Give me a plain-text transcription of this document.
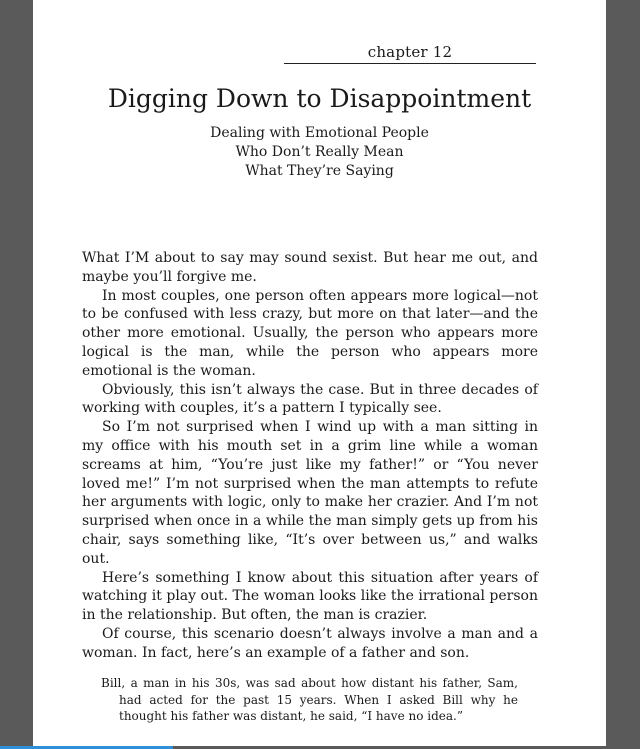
chapter 12
Digging Down to Disappointment
Dealing with Emotional People
Who Don’t Really Mean
What They’re Saying

What I’M about to say may sound sexist. But hear me out, and maybe you’ll forgive me.

In most couples, one person often appears more logical—not to be confused with less crazy, but more on that later—and the other more emotional. Usually, the person who appears more logical is the man, while the person who appears more emotional is the woman.

Obviously, this isn’t always the case. But in three decades of working with couples, it’s a pattern I typically see.

So I’m not surprised when I wind up with a man sitting in my office with his mouth set in a grim line while a woman screams at him, “You’re just like my father!” or “You never loved me!” I’m not surprised when the man attempts to refute her arguments with logic, only to make her crazier. And I’m not surprised when once in a while the man simply gets up from his chair, says something like, “It’s over between us,” and walks out.

Here’s something I know about this situation after years of watching it play out. The woman looks like the irrational person in the relationship. But often, the man is crazier.

Of course, this scenario doesn’t always involve a man and a woman. In fact, here’s an example of a father and son.

Bill, a man in his 30s, was sad about how distant his father, Sam, had acted for the past 15 years. When I asked Bill why he thought his father was distant, he said, “I have no idea.”
